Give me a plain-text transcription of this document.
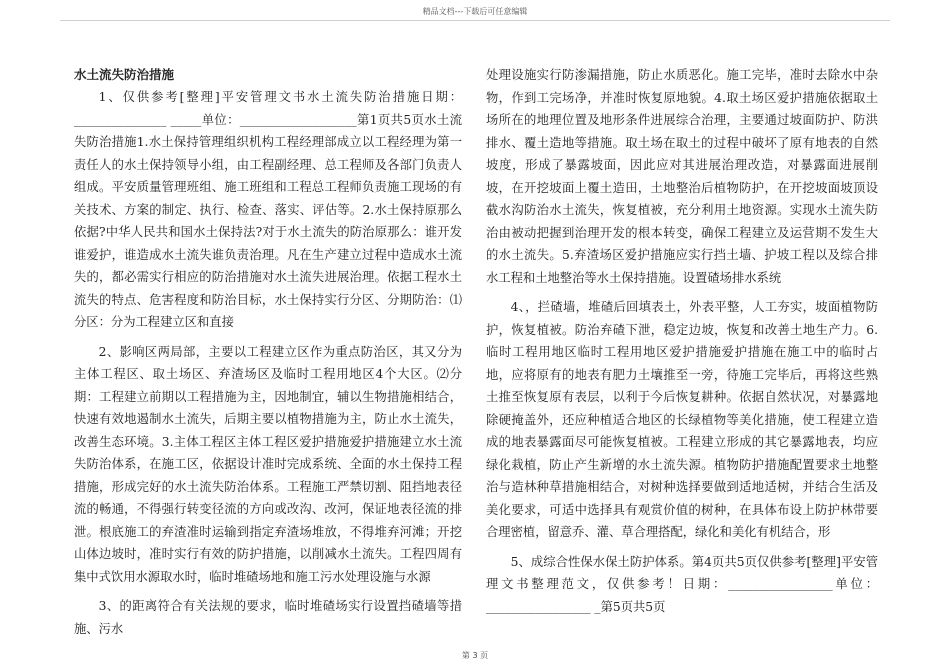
精品文档---下载后可任意编辑
水土流失防治措施

1、仅供参考[整理]平安管理文书水土流失防治措施日期：_______________ _____单位：___________________第1页共5页水土流失防治措施1.水土保持管理组织机构工程经理部成立以工程经理为第一责任人的水土保持领导小组，由工程副经理、总工程师及各部门负责人组成。平安质量管理班组、施工班组和工程总工程师负责施工现场的有关技术、方案的制定、执行、检查、落实、评估等。2.水土保持原那么依据?中华人民共和国水土保持法?对于水土流失的防治原那么：谁开发谁爱护，谁造成水土流失谁负责治理。凡在生产建立过程中造成水土流失的，都必需实行相应的防治措施对水土流失进展治理。依据工程水土流失的特点、危害程度和防治目标，水土保持实行分区、分期防治：⑴分区：分为工程建立区和直接

2、影响区两局部，主要以工程建立区作为重点防治区，其又分为主体工程区、取土场区、弃渣场区及临时工程用地区4个大区。⑵分期：工程建立前期以工程措施为主，因地制宜，辅以生物措施相结合，快速有效地遏制水土流失，后期主要以植物措施为主，防止水土流失，改善生态环境。3.主体工程区主体工程区爱护措施爱护措施建立水土流失防治体系，在施工区，依据设计准时完成系统、全面的水土保持工程措施，形成完好的水土流失防治体系。工程施工严禁切割、阻挡地表径流的畅通，不得强行转变径流的方向或改沟、改河，保证地表径流的排泄。根底施工的弃渣准时运输到指定弃渣场堆放，不得堆弃河滩；开挖山体边坡时，准时实行有效的防护措施，以削减水土流失。工程四周有集中式饮用水源取水时，临时堆碴场地和施工污水处理设施与水源

3、的距离符合有关法规的要求，临时堆碴场实行设置挡碴墙等措施、污水

处理设施实行防渗漏措施，防止水质恶化。施工完毕，准时去除水中杂物，作到工完场净，并准时恢复原地貌。4.取土场区爱护措施依据取土场所在的地理位置及地形条件进展综合治理，主要通过坡面防护、防洪排水、覆土造地等措施。取土场在取土的过程中破坏了原有地表的自然坡度，形成了暴露坡面，因此应对其进展治理改造，对暴露面进展削坡，在开挖坡面上覆土造田，土地整治后植物防护，在开挖坡面坡顶设截水沟防治水土流失，恢复植被，充分利用土地资源。实现水土流失防治由被动把握到治理开发的根本转变，确保工程建立及运营期不发生大的水土流失。5.弃渣场区爱护措施应实行挡土墙、护坡工程以及综合排水工程和土地整治等水土保持措施。设置碴场排水系统

4、，拦碴墙，堆碴后回填表土，外表平整，人工夯实，坡面植物防护，恢复植被。防治弃碴下泄，稳定边坡，恢复和改善土地生产力。6.临时工程用地区临时工程用地区爱护措施爱护措施在施工中的临时占地，应将原有的地表有肥力土壤推至一旁，待施工完毕后，再将这些熟土推至恢复原有表层，以利于今后恢复耕种。依据自然状况，对暴露地除硬掩盖外，还应种植适合地区的长绿植物等美化措施，使工程建立造成的地表暴露面尽可能恢复植被。工程建立形成的其它暴露地表，均应绿化栽植，防止产生新增的水土流失源。植物防护措施配置要求土地整治与造林种草措施相结合，对树种选择要做到适地适树，并结合生活及美化要求，可适中选择具有观赏价值的树种，在具体布设上防护林带要合理密植，留意乔、灌、草合理搭配，绿化和美化有机结合，形

5、成综合性保水保土防护体系。第4页共5页仅供参考[整理]平安管理文书整理范文，仅供参考！日期：_________________单位：_________________ _第5页共5页

第 3 页
